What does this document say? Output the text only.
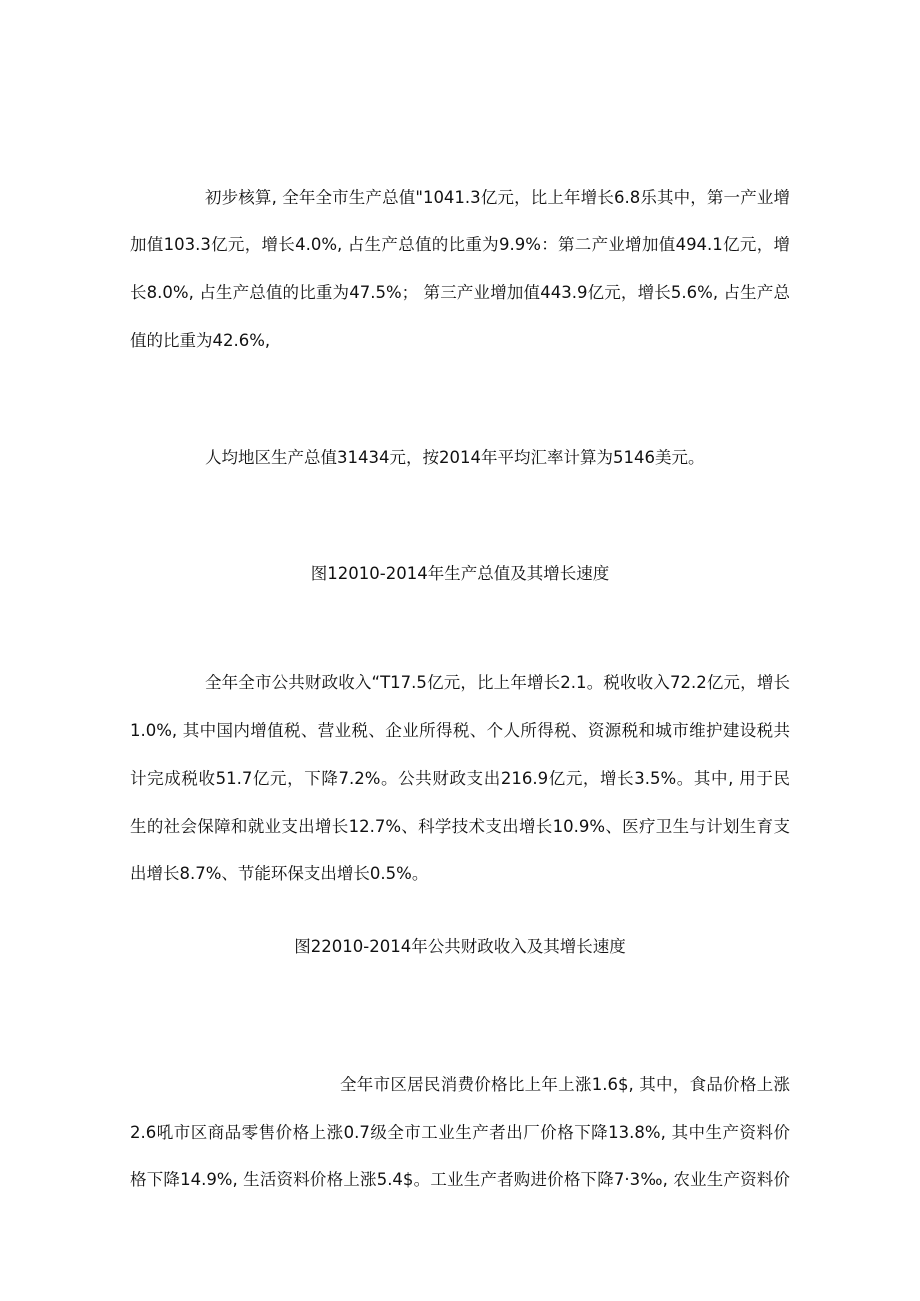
初步核算, 全年全市生产总值"1041.3亿元，比上年增长6.8乐其中，第一产业增
加值103.3亿元，增长4.0%, 占生产总值的比重为9.9%：第二产业增加值494.1亿元，增
长8.0%, 占生产总值的比重为47.5%； 第三产业增加值443.9亿元，增长5.6%, 占生产总
值的比重为42.6%,
人均地区生产总值31434元，按2014年平均汇率计算为5146美元。
图12010-2014年生产总值及其增长速度
全年全市公共财政收入“T17.5亿元，比上年增长2.1。税收收入72.2亿元，增长
1.0%, 其中国内增值税、营业税、企业所得税、个人所得税、资源税和城市维护建设税共
计完成税收51.7亿元，下降7.2%。公共财政支出216.9亿元，增长3.5%。其中, 用于民
生的社会保障和就业支出增长12.7%、科学技术支出增长10.9%、医疗卫生与计划生育支
出增长8.7%、节能环保支出增长0.5%。
图22010-2014年公共财政收入及其增长速度
全年市区居民消费价格比上年上涨1.6$, 其中，食品价格上涨
2.6吼市区商品零售价格上涨0.7级全市工业生产者出厂价格下降13.8%, 其中生产资料价
格下降14.9%, 生活资料价格上涨5.4$。工业生产者购进价格下降7·3‰, 农业生产资料价
